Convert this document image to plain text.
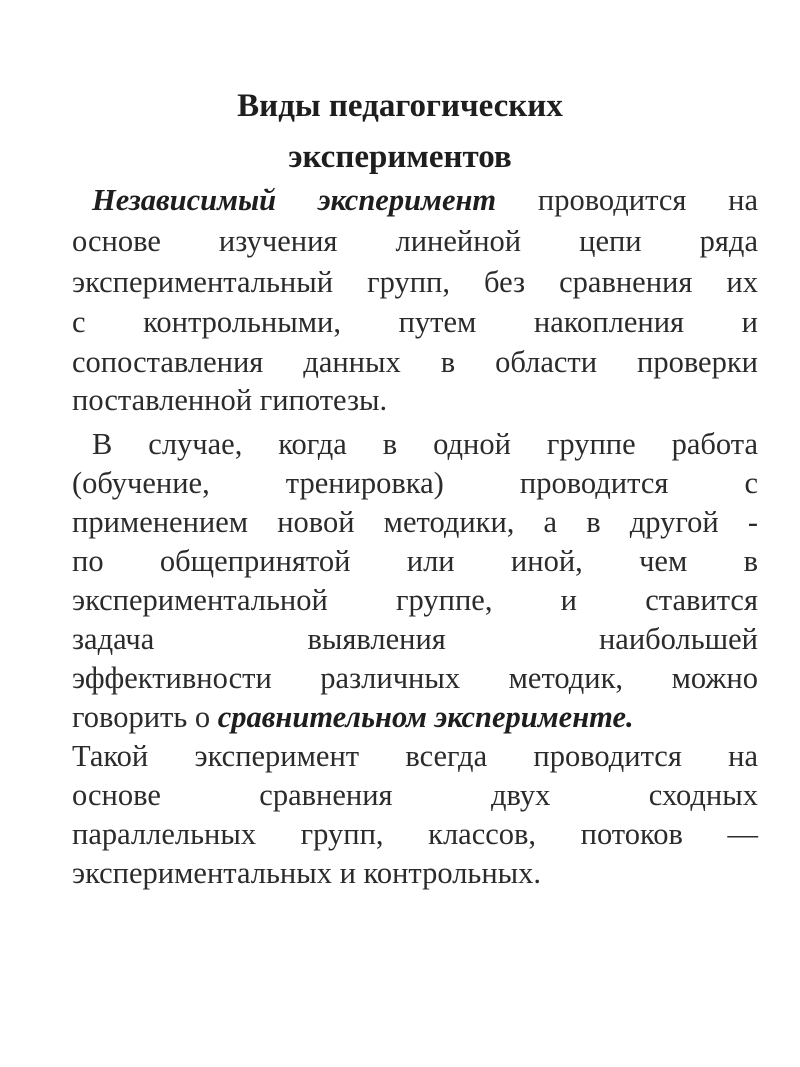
Виды педагогических
экспериментов
Независимый эксперимент проводится на
основе изучения линейной цепи ряда
экспериментальный групп, без сравнения их
с контрольными, путем накопления и
сопоставления данных в области проверки
поставленной гипотезы.
В случае, когда в одной группе работа
(обучение, тренировка) проводится с
применением новой методики, а в другой -
по общепринятой или иной, чем в
экспериментальной группе, и ставится
задача выявления наибольшей
эффективности различных методик, можно
говорить о сравнительном эксперименте.
Такой эксперимент всегда проводится на
основе сравнения двух сходных
параллельных групп, классов, потоков —
экспериментальных и контрольных.
